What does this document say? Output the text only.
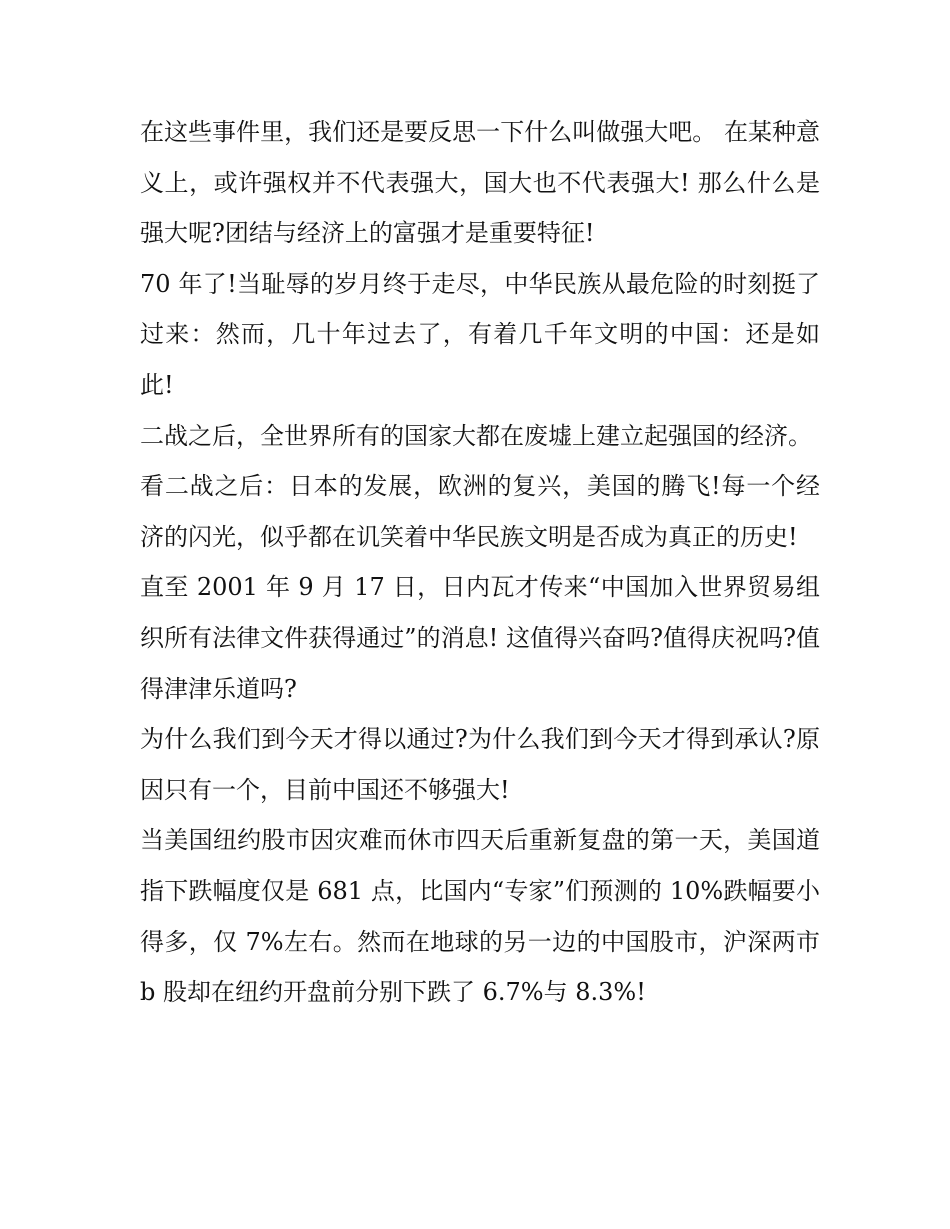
在这些事件里，我们还是要反思一下什么叫做强大吧。 在某种意义上，或许强权并不代表强大，国大也不代表强大! 那么什么是强大呢?团结与经济上的富强才是重要特征!

70 年了!当耻辱的岁月终于走尽，中华民族从最危险的时刻挺了过来：然而，几十年过去了，有着几千年文明的中国：还是如此!

二战之后，全世界所有的国家大都在废墟上建立起强国的经济。

看二战之后：日本的发展，欧洲的复兴，美国的腾飞!每一个经济的闪光，似乎都在讥笑着中华民族文明是否成为真正的历史!

直至 2001 年 9 月 17 日，日内瓦才传来“中国加入世界贸易组织所有法律文件获得通过”的消息! 这值得兴奋吗?值得庆祝吗?值得津津乐道吗?

为什么我们到今天才得以通过?为什么我们到今天才得到承认?原因只有一个，目前中国还不够强大!

当美国纽约股市因灾难而休市四天后重新复盘的第一天，美国道指下跌幅度仅是 681 点，比国内“专家”们预测的 10%跌幅要小得多，仅 7%左右。然而在地球的另一边的中国股市，沪深两市 b 股却在纽约开盘前分别下跌了 6.7%与 8.3%!
